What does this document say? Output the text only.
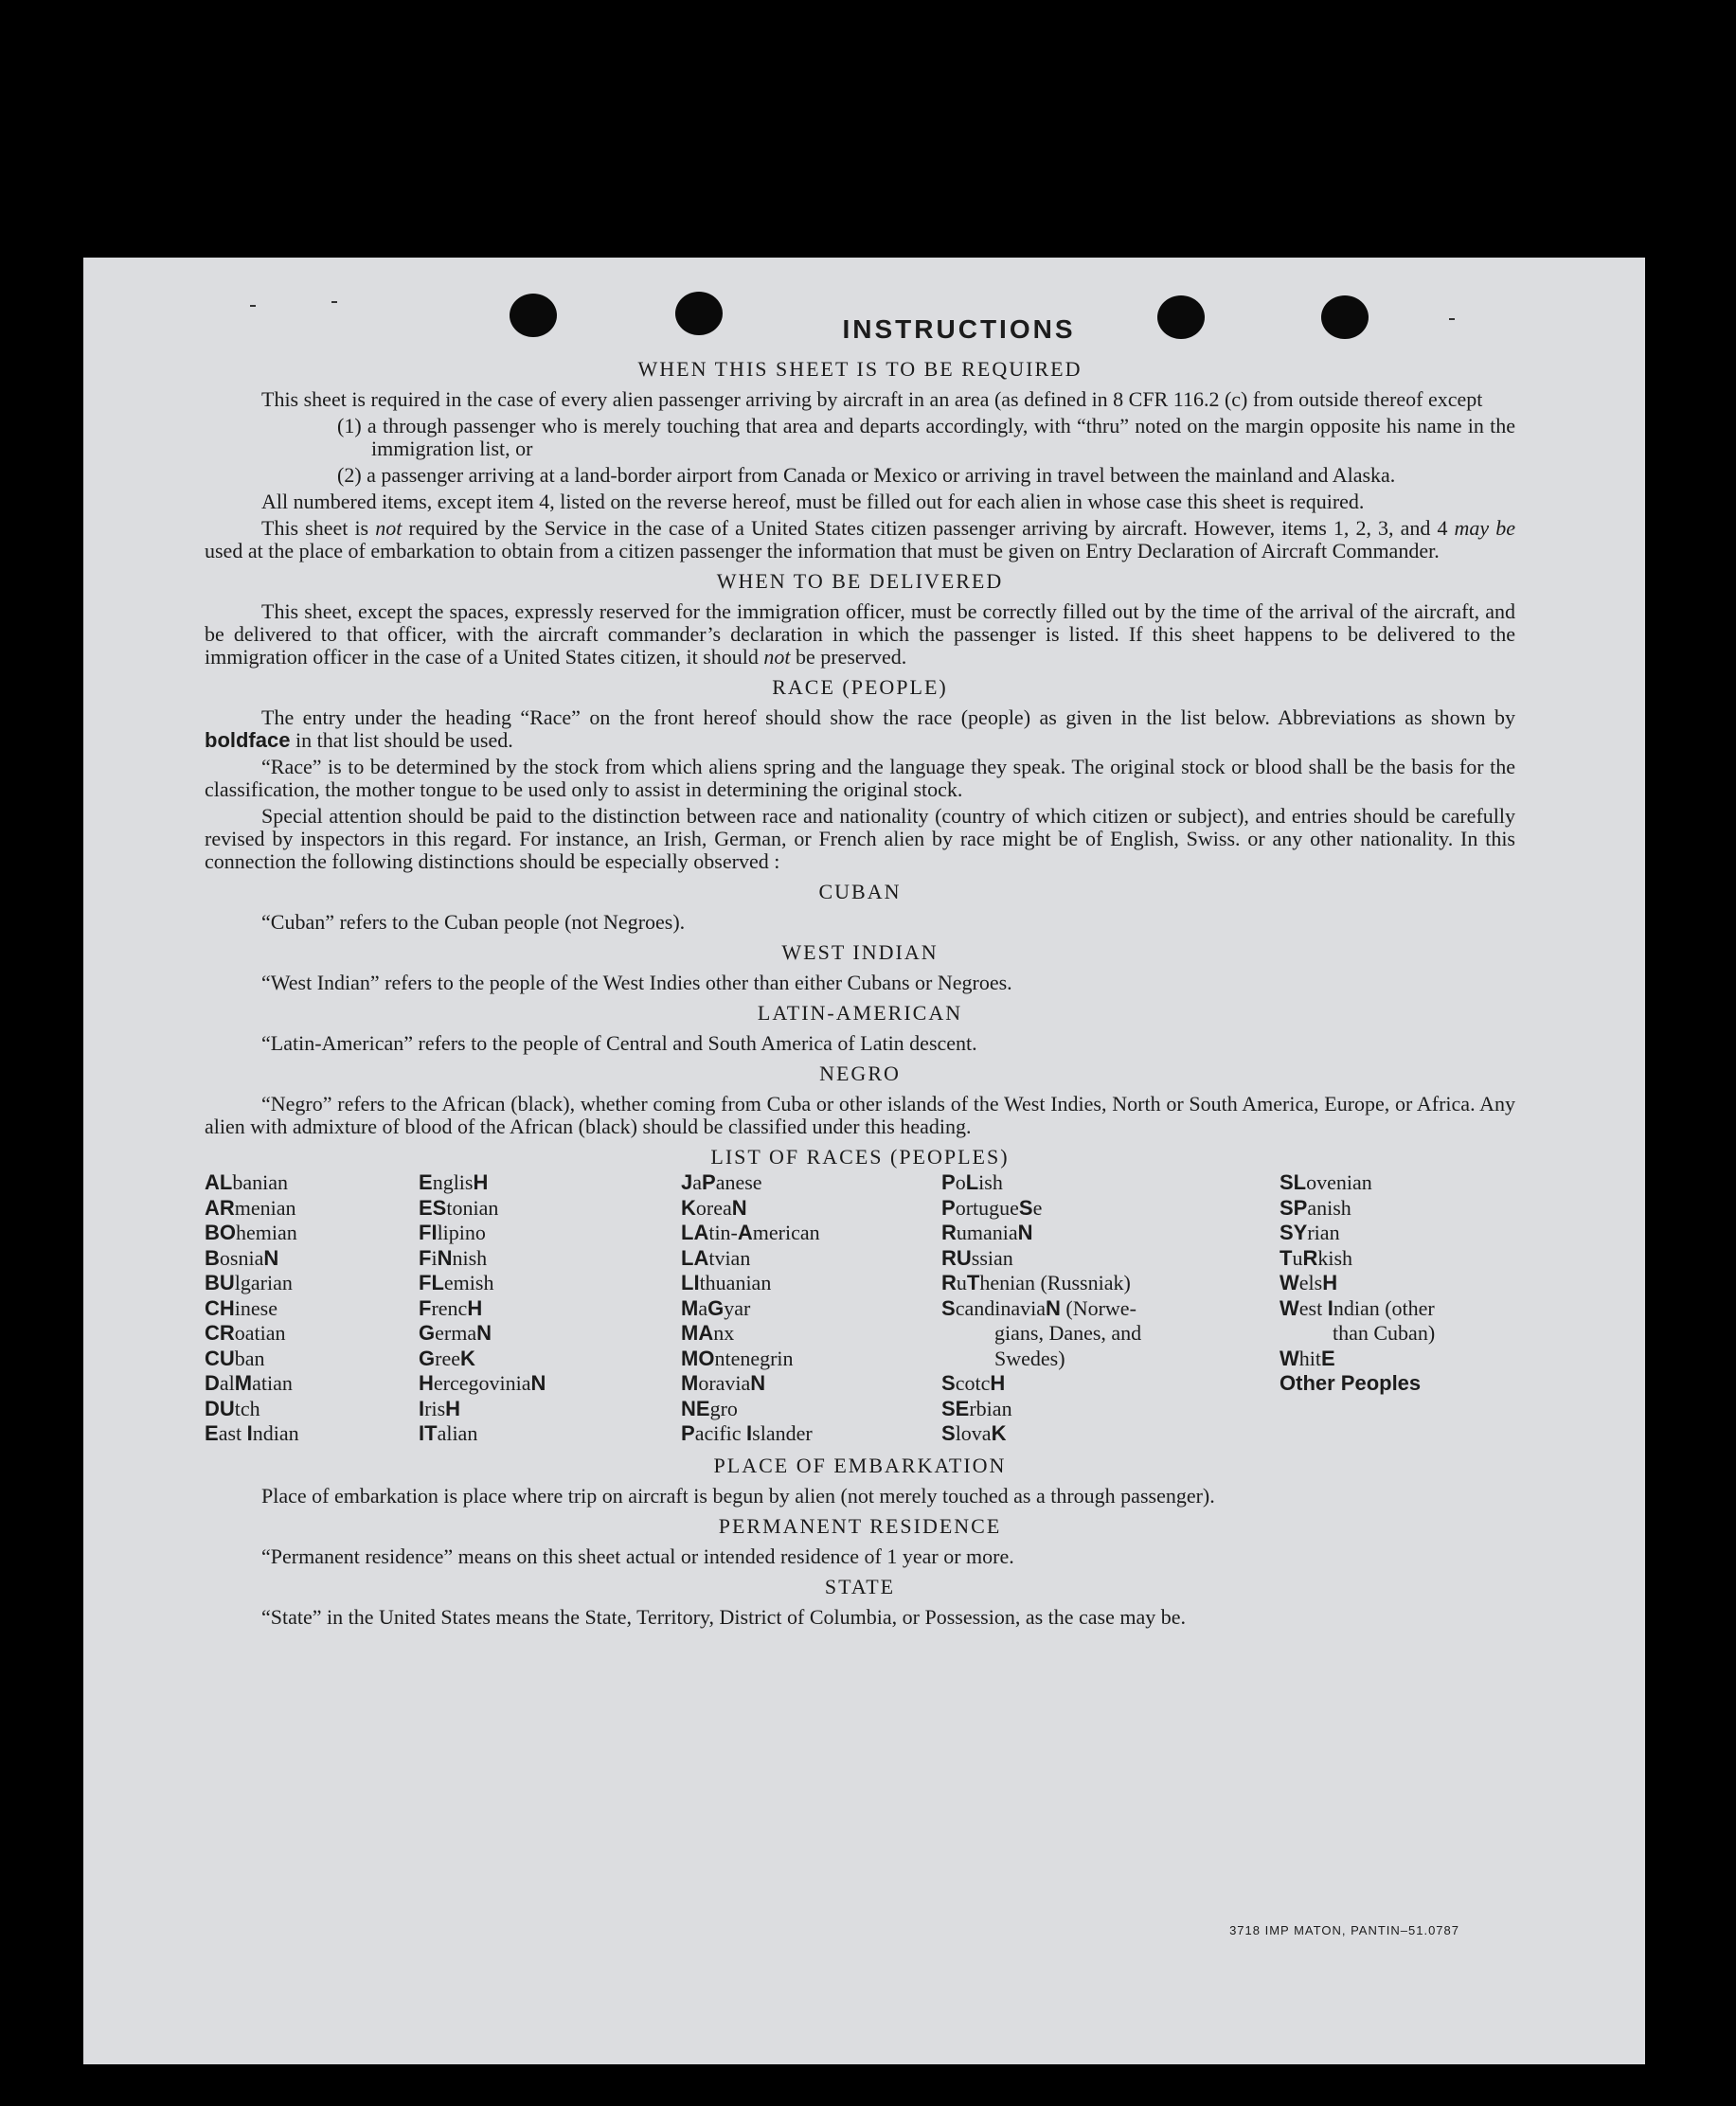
INSTRUCTIONS
WHEN THIS SHEET IS TO BE REQUIRED

This sheet is required in the case of every alien passenger arriving by aircraft in an area (as defined in 8 CFR 116.2 (c) from outside thereof except

(1) a through passenger who is merely touching that area and departs accordingly, with “thru” noted on the margin opposite his name in the immigration list, or

(2) a passenger arriving at a land-border airport from Canada or Mexico or arriving in travel between the mainland and Alaska.

All numbered items, except item 4, listed on the reverse hereof, must be filled out for each alien in whose case this sheet is required.

This sheet is not required by the Service in the case of a United States citizen passenger arriving by aircraft. However, items 1, 2, 3, and 4 may be used at the place of embarkation to obtain from a citizen passenger the information that must be given on Entry Declaration of Aircraft Commander.

WHEN TO BE DELIVERED

This sheet, except the spaces, expressly reserved for the immigration officer, must be correctly filled out by the time of the arrival of the aircraft, and be delivered to that officer, with the aircraft commander’s declaration in which the passenger is listed. If this sheet happens to be delivered to the immigration officer in the case of a United States citizen, it should not be preserved.

RACE (PEOPLE)

The entry under the heading “Race” on the front hereof should show the race (people) as given in the list below. Abbreviations as shown by boldface in that list should be used.

“Race” is to be determined by the stock from which aliens spring and the language they speak. The original stock or blood shall be the basis for the classification, the mother tongue to be used only to assist in determining the original stock.

Special attention should be paid to the distinction between race and nationality (country of which citizen or subject), and entries should be carefully revised by inspectors in this regard. For instance, an Irish, German, or French alien by race might be of English, Swiss. or any other nationality. In this connection the following distinctions should be especially observed :

CUBAN

“Cuban” refers to the Cuban people (not Negroes).

WEST INDIAN

“West Indian” refers to the people of the West Indies other than either Cubans or Negroes.

LATIN-AMERICAN

“Latin-American” refers to the people of Central and South America of Latin descent.

NEGRO

“Negro” refers to the African (black), whether coming from Cuba or other islands of the West Indies, North or South America, Europe, or Africa. Any alien with admixture of blood of the African (black) should be classified under this heading.

LIST OF RACES (PEOPLES)
ALbanian
ARmenian
BOhemian
BosniaN
BUlgarian
CHinese
CRoatian
CUban
DalMatian
DUtch
East Indian
EnglisH
EStonian
FIlipino
FiNnish
FLemish
FrencH
GermaN
GreeK
HercegoviniaN
IrisH
ITalian
JaPanese
KoreaN
LAtin-American
LAtvian
LIthuanian
MaGyar
MAnx
MOntenegrin
MoraviaN
NEgro
Pacific Islander
PoLish
PortugueSe
RumaniaN
RUssian
RuThenian (Russniak)
ScandinaviaN (Norwe-
gians, Danes, and
Swedes)
ScotcH
SErbian
SlovaK
SLovenian
SPanish
SYrian
TuRkish
WelsH
West Indian (other
than Cuban)
WhitE
Other Peoples
PLACE OF EMBARKATION

Place of embarkation is place where trip on aircraft is begun by alien (not merely touched as a through passenger).

PERMANENT RESIDENCE

“Permanent residence” means on this sheet actual or intended residence of 1 year or more.

STATE

“State” in the United States means the State, Territory, District of Columbia, or Possession, as the case may be.

3718 IMP MATON, PANTIN–51.0787
